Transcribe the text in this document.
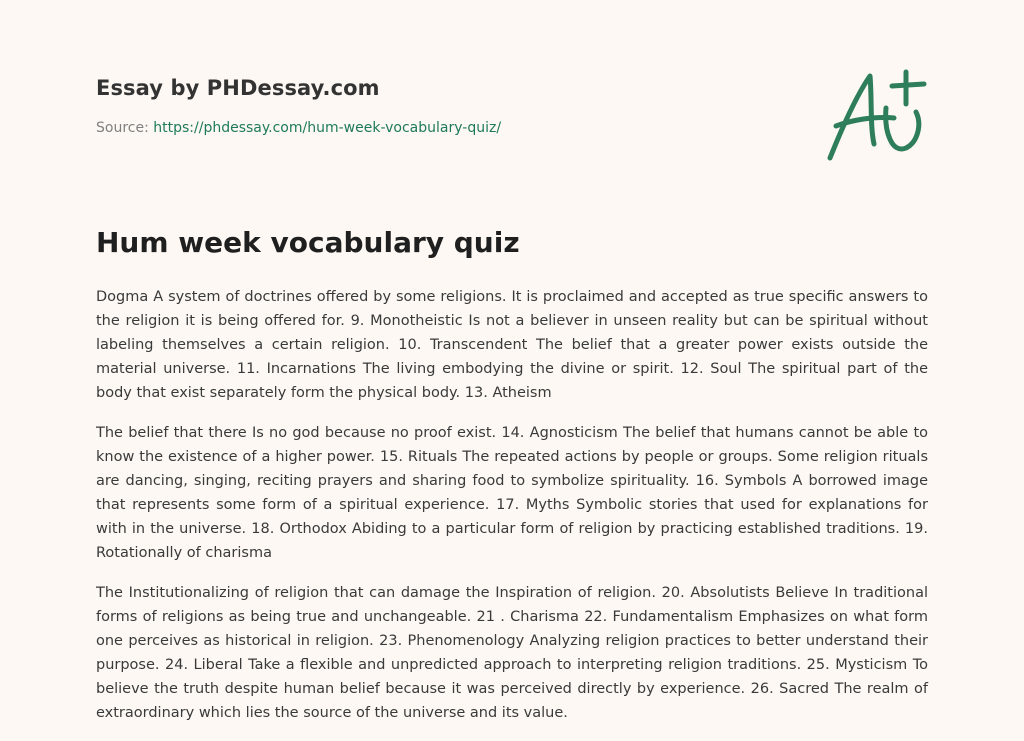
Essay by PHDessay.com
Source: https://phdessay.com/hum-week-vocabulary-quiz/
Hum week vocabulary quiz

Dogma A system of doctrines offered by some religions. It is proclaimed and accepted as true specific answers to the religion it is being offered for. 9. Monotheistic Is not a believer in unseen reality but can be spiritual without labeling themselves a certain religion. 10. Transcendent The belief that a greater power exists outside the material universe. 11. Incarnations The living embodying the divine or spirit. 12. Soul The spiritual part of the body that exist separately form the physical body. 13. Atheism

The belief that there Is no god because no proof exist. 14. Agnosticism The belief that humans cannot be able to know the existence of a higher power. 15. Rituals The repeated actions by people or groups. Some religion rituals are dancing, singing, reciting prayers and sharing food to symbolize spirituality. 16. Symbols A borrowed image that represents some form of a spiritual experience. 17. Myths Symbolic stories that used for explanations for with in the universe. 18. Orthodox Abiding to a particular form of religion by practicing established traditions. 19. Rotationally of charisma

The Institutionalizing of religion that can damage the Inspiration of religion. 20. Absolutists Believe In traditional forms of religions as being true and unchangeable. 21 . Charisma 22. Fundamentalism Emphasizes on what form one perceives as historical in religion. 23. Phenomenology Analyzing religion practices to better understand their purpose. 24. Liberal Take a flexible and unpredicted approach to interpreting religion traditions. 25. Mysticism To believe the truth despite human belief because it was perceived directly by experience. 26. Sacred The realm of extraordinary which lies the source of the universe and its value.
